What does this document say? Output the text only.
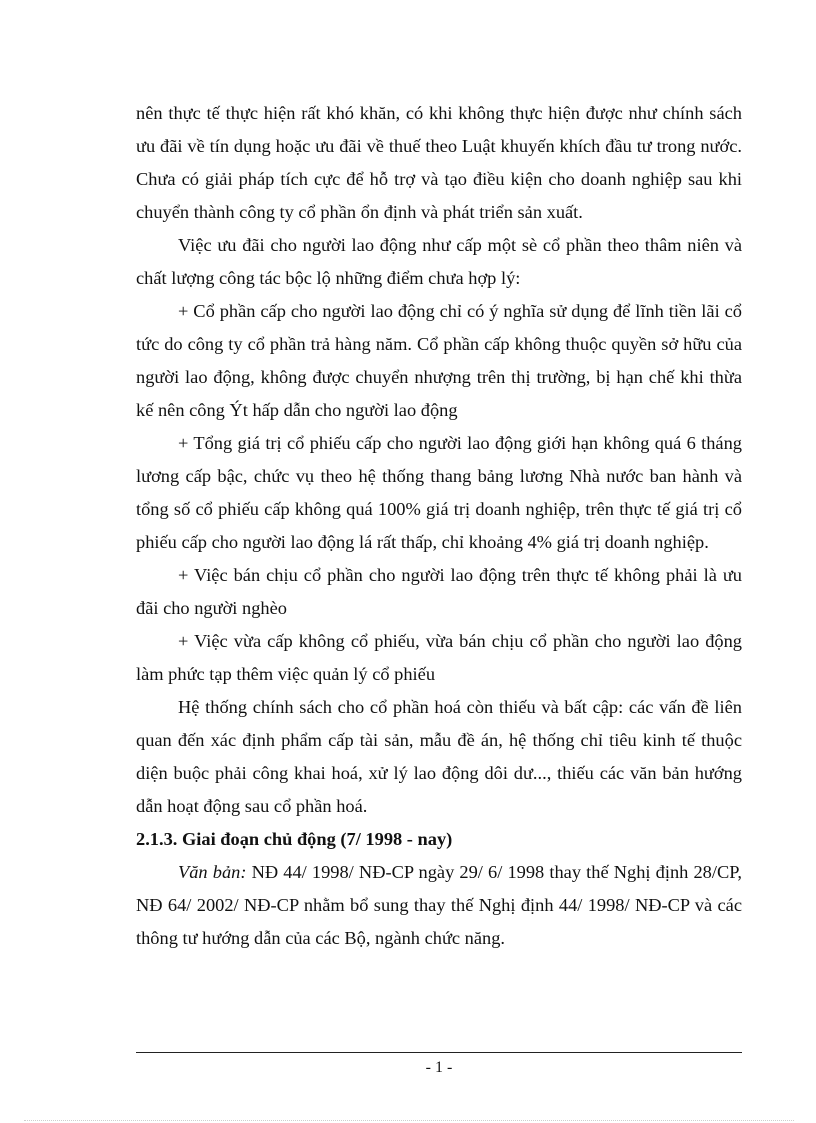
nên thực tế thực hiện rất khó khăn, có khi không thực hiện được như chính sách ưu đãi về tín dụng hoặc ưu đãi về thuế theo Luật khuyến khích đầu tư trong nước. Chưa có giải pháp tích cực để hỗ trợ và tạo điều kiện cho doanh nghiệp sau khi chuyển thành công ty cổ phần ổn định và phát triển sản xuất.

Việc ưu đãi cho người lao động như cấp một sè cổ phần theo thâm niên và chất lượng công tác bộc lộ những điểm chưa hợp lý:

+ Cổ phần cấp cho người lao động chỉ có ý nghĩa sử dụng để lĩnh tiền lãi cổ tức do công ty cổ phần trả hàng năm. Cổ phần cấp không thuộc quyền sở hữu của người lao động, không được chuyển nhượng trên thị trường, bị hạn chế khi thừa kế nên công Ýt hấp dẫn cho người lao động

+ Tổng giá trị cổ phiếu cấp cho người lao động giới hạn không quá 6 tháng lương cấp bậc, chức vụ theo hệ thống thang bảng lương Nhà nước ban hành và tổng số cổ phiếu cấp không quá 100% giá trị doanh nghiệp, trên thực tế giá trị cổ phiếu cấp cho người lao động lá rất thấp, chỉ khoảng 4% giá trị doanh nghiệp.

+ Việc bán chịu cổ phần cho người lao động trên thực tế không phải là ưu đãi cho người nghèo

+ Việc vừa cấp không cổ phiếu, vừa bán chịu cổ phần cho người lao động làm phức tạp thêm việc quản lý cổ phiếu

Hệ thống chính sách cho cổ phần hoá còn thiếu và bất cập: các vấn đề liên quan đến xác định phẩm cấp tài sản, mẫu đề án, hệ thống chỉ tiêu kinh tế thuộc diện buộc phải công khai hoá, xử lý lao động dôi dư..., thiếu các văn bản hướng dẫn hoạt động sau cổ phần hoá.

2.1.3. Giai đoạn chủ động (7/ 1998 - nay)

Văn bản: NĐ 44/ 1998/ NĐ-CP ngày 29/ 6/ 1998 thay thế Nghị định 28/CP, NĐ 64/ 2002/ NĐ-CP nhằm bổ sung thay thế Nghị định 44/ 1998/ NĐ-CP và các thông tư hướng dẫn của các Bộ, ngành chức năng.

- 1 -
